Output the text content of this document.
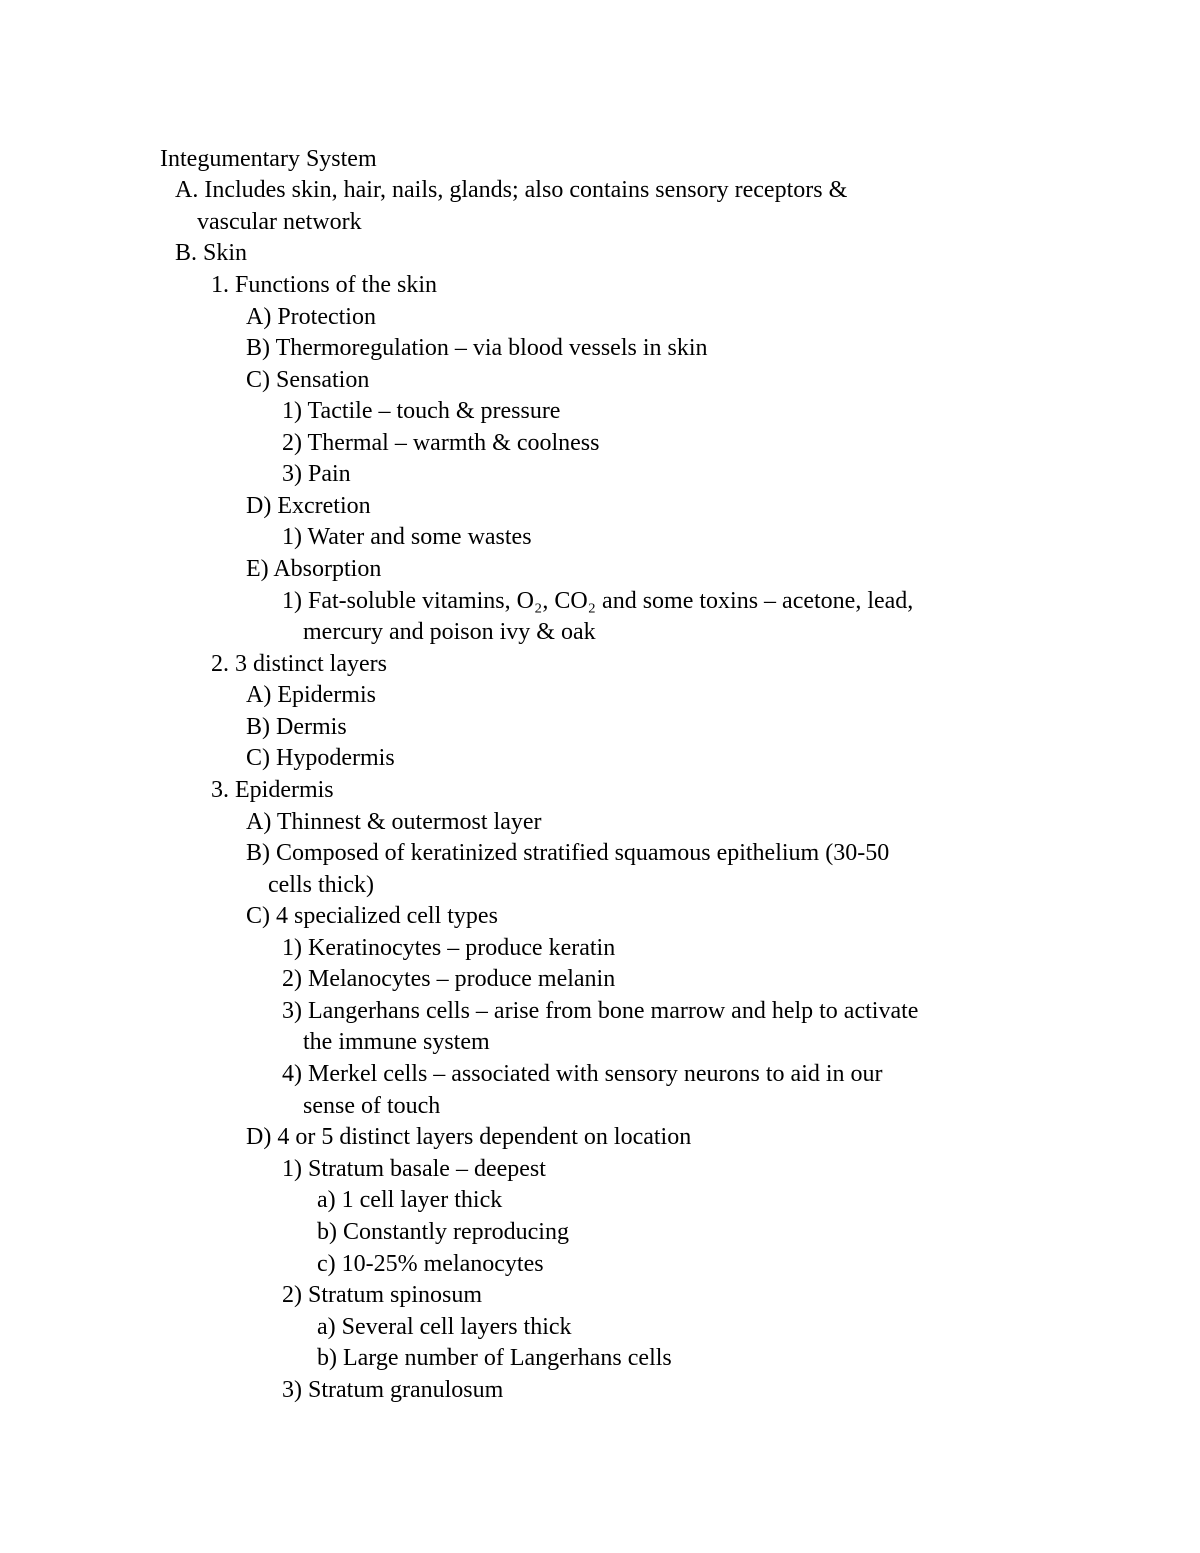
Integumentary System
A. Includes skin, hair, nails, glands; also contains sensory receptors &
vascular network
B. Skin
1. Functions of the skin
A) Protection
B) Thermoregulation – via blood vessels in skin
C) Sensation
1) Tactile – touch & pressure
2) Thermal – warmth & coolness
3) Pain
D) Excretion
1) Water and some wastes
E) Absorption
1) Fat-soluble vitamins, O₂, CO₂ and some toxins – acetone, lead,
mercury and poison ivy & oak
2. 3 distinct layers
A) Epidermis
B) Dermis
C) Hypodermis
3. Epidermis
A) Thinnest & outermost layer
B) Composed of keratinized stratified squamous epithelium (30-50
cells thick)
C) 4 specialized cell types
1) Keratinocytes – produce keratin
2) Melanocytes – produce melanin
3) Langerhans cells – arise from bone marrow and help to activate
the immune system
4) Merkel cells – associated with sensory neurons to aid in our
sense of touch
D) 4 or 5 distinct layers dependent on location
1) Stratum basale – deepest
a) 1 cell layer thick
b) Constantly reproducing
c) 10-25% melanocytes
2) Stratum spinosum
a) Several cell layers thick
b) Large number of Langerhans cells
3) Stratum granulosum
